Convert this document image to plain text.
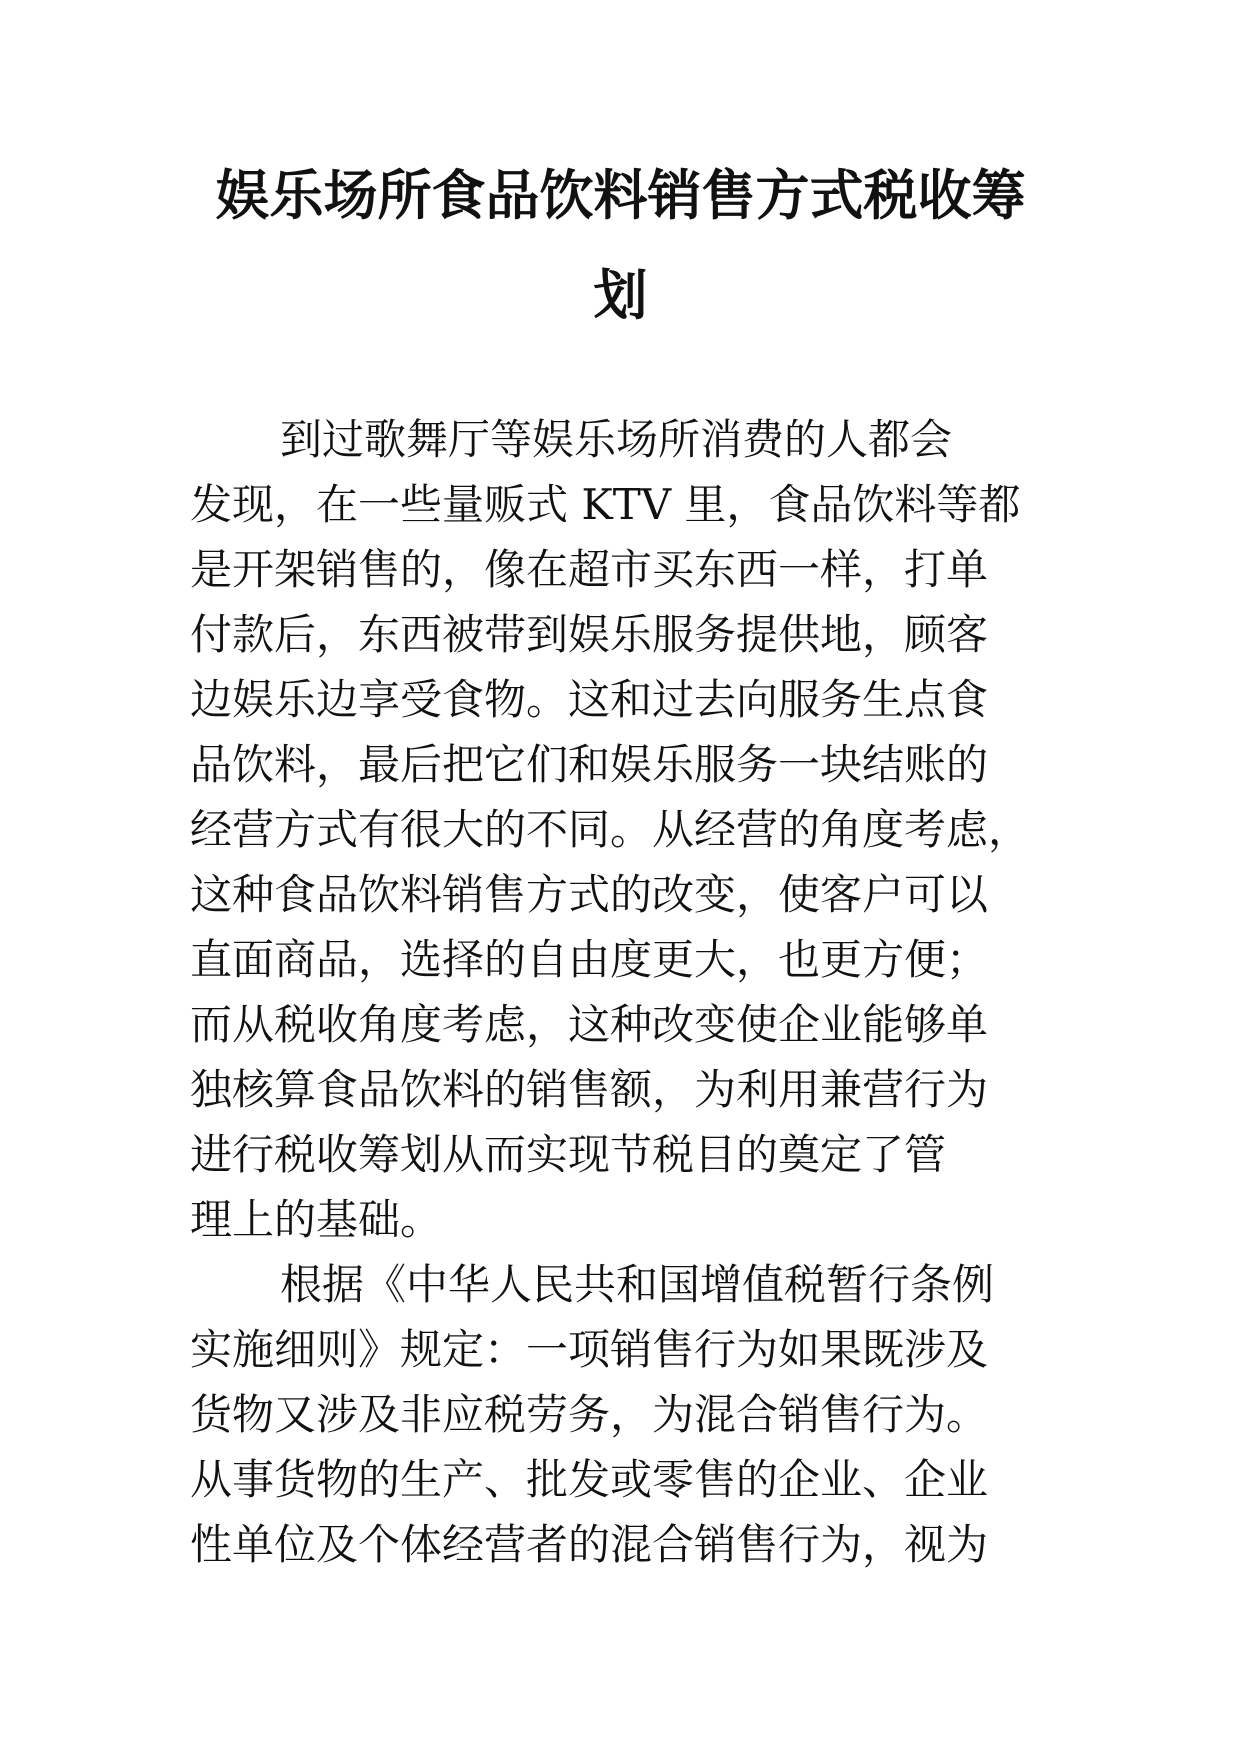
娱乐场所食品饮料销售方式税收筹
划

到过歌舞厅等娱乐场所消费的人都会

发现，在一些量贩式 KTV 里，食品饮料等都

是开架销售的，像在超市买东西一样，打单

付款后，东西被带到娱乐服务提供地，顾客

边娱乐边享受食物。这和过去向服务生点食

品饮料，最后把它们和娱乐服务一块结账的

经营方式有很大的不同。从经营的角度考虑，

这种食品饮料销售方式的改变，使客户可以

直面商品，选择的自由度更大，也更方便；

而从税收角度考虑，这种改变使企业能够单

独核算食品饮料的销售额，为利用兼营行为

进行税收筹划从而实现节税目的奠定了管

理上的基础。

根据《中华人民共和国增值税暂行条例

实施细则》规定：一项销售行为如果既涉及

货物又涉及非应税劳务，为混合销售行为。

从事货物的生产、批发或零售的企业、企业

性单位及个体经营者的混合销售行为，视为
